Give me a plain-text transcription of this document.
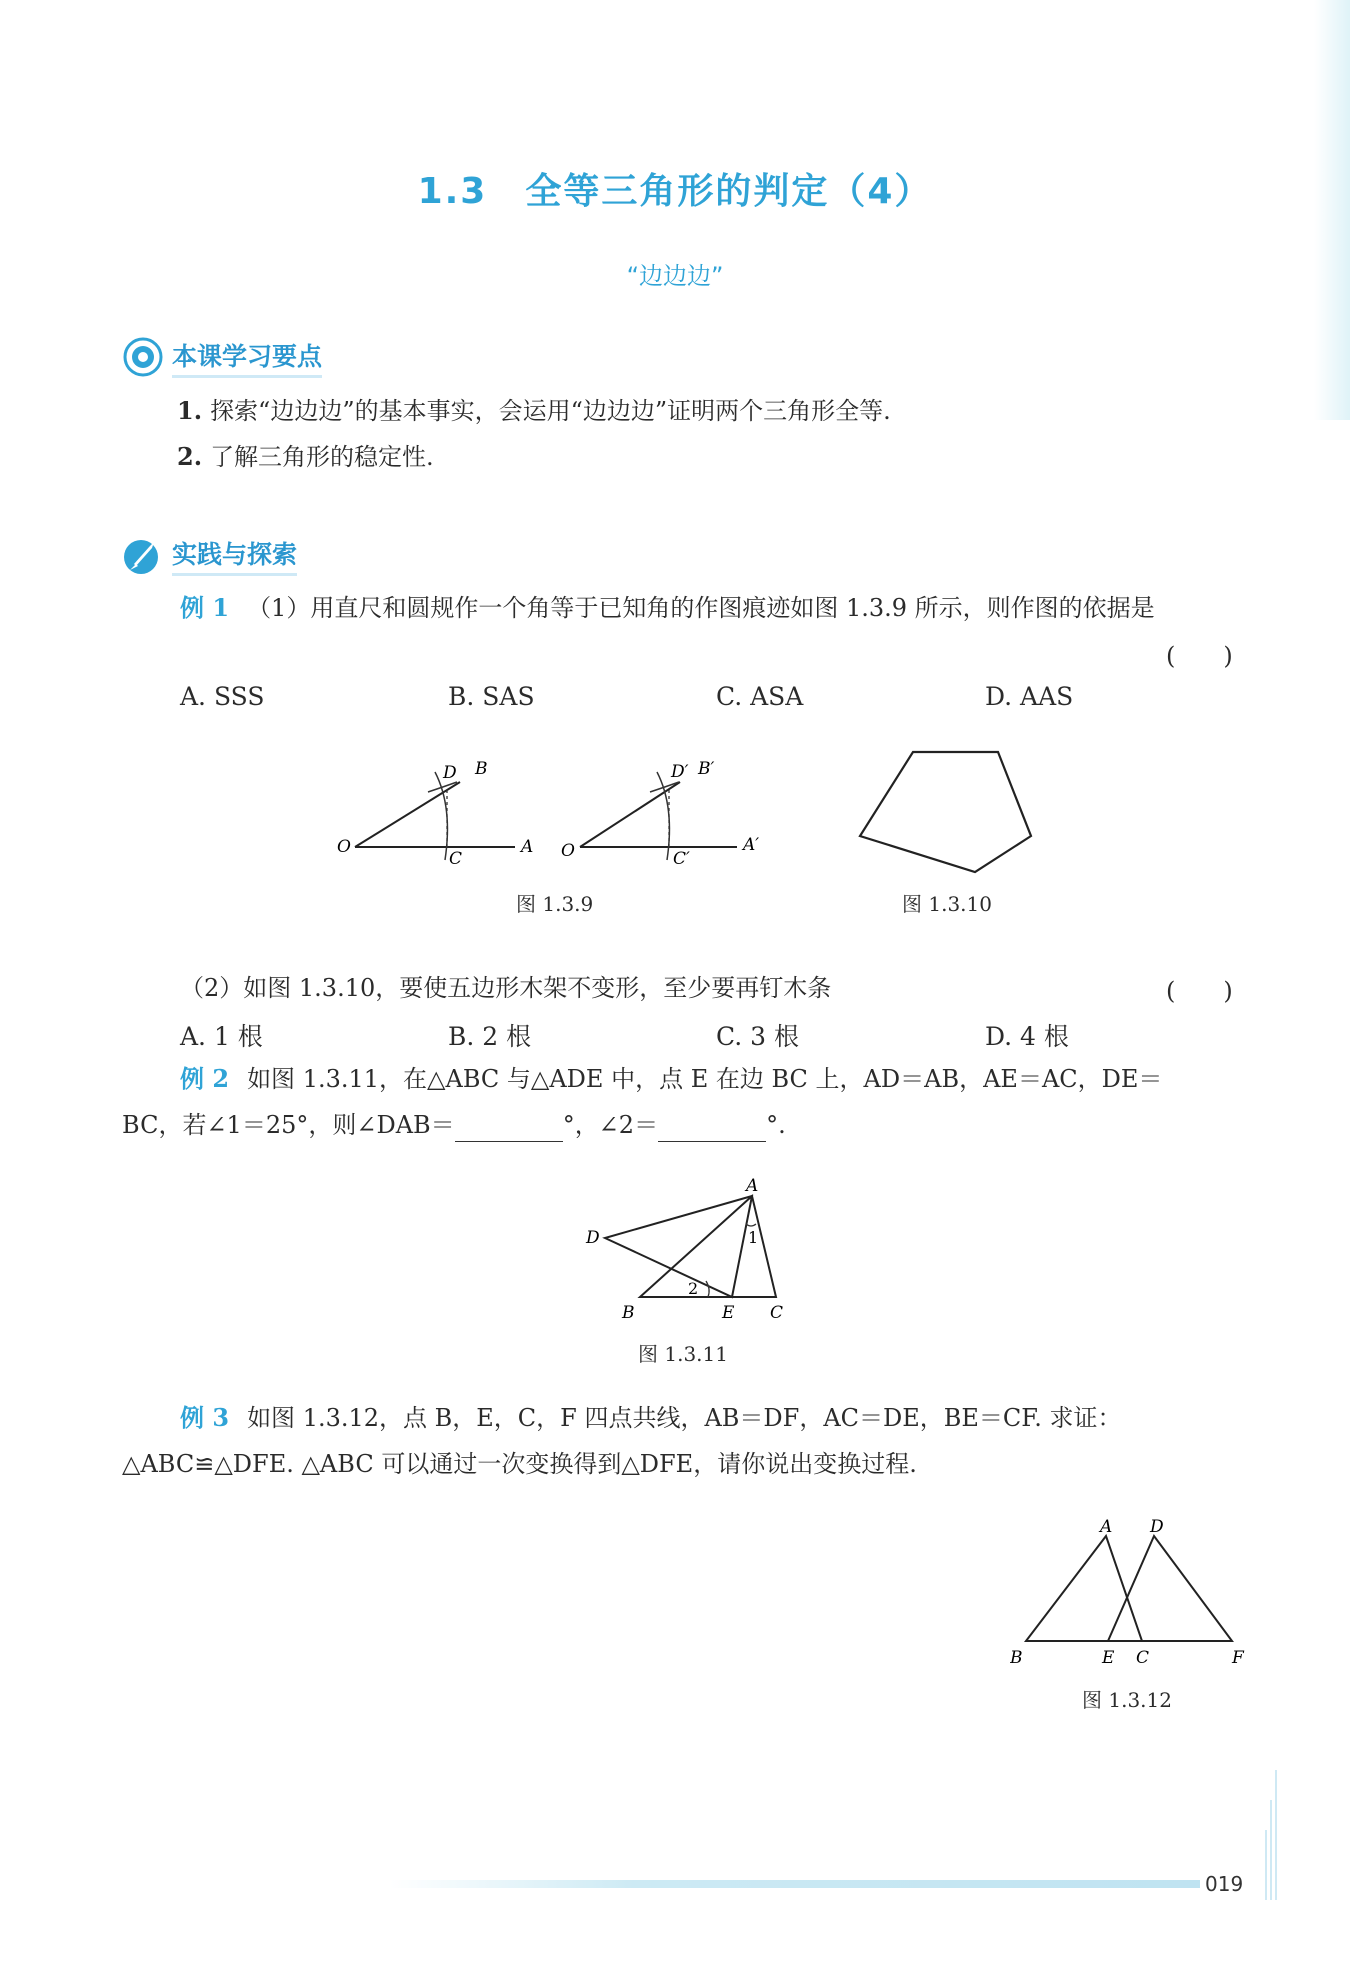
1.3　全等三角形的判定（4）
“边边边”
本课学习要点
1. 探索“边边边”的基本事实，会运用“边边边”证明两个三角形全等.
2. 了解三角形的稳定性.
实践与探索
例 1 （1）用直尺和圆规作一个角等于已知角的作图痕迹如图 1.3.9 所示，则作图的依据是
(　　)
A. SSS	B. SAS	C. ASA	D. AAS
O	A
B
C
D
O	A′
B′
C′
D′
图 1.3.9	图 1.3.10
（2）如图 1.3.10，要使五边形木架不变形，至少要再钉木条	(　　)
A. 1 根	B. 2 根	C. 3 根	D. 4 根
例 2 如图 1.3.11，在△ABC 与△ADE 中，点 E 在边 BC 上，AD＝AB，AE＝AC，DE＝
BC，若∠1＝25°，则∠DAB＝	°，∠2＝	°.
A
D
B	E C
1
2
图 1.3.11
例 3 如图 1.3.12，点 B，E，C，F 四点共线，AB＝DF，AC＝DE，BE＝CF. 求证：
△ABC≌△DFE. △ABC 可以通过一次变换得到△DFE，请你说出变换过程.
A D
B	E C	F
图 1.3.12
019
